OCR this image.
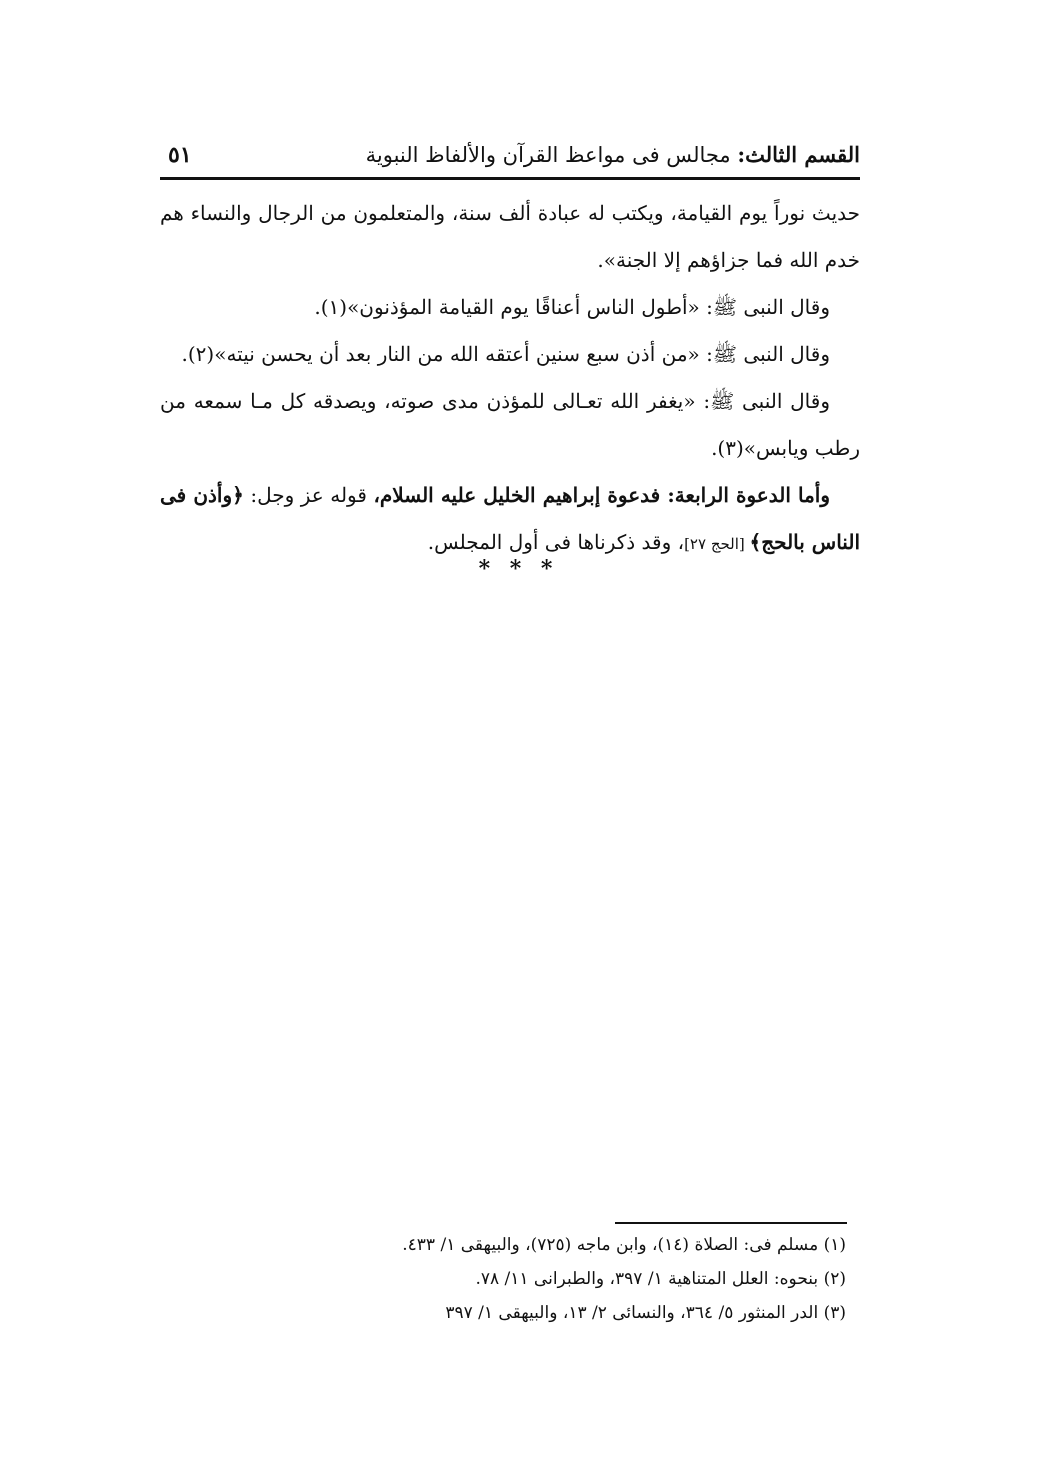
القسم الثالث: مجالس فى مواعظ القرآن والألفاظ النبوية
٥١

حديث نوراً يوم القيامة، ويكتب له عبادة ألف سنة، والمتعلمون من الرجال والنساء هم خدم الله فما جزاؤهم إلا الجنة».

وقال النبى ﷺ: «أطول الناس أعناقًا يوم القيامة المؤذنون»(١).

وقال النبى ﷺ: «من أذن سبع سنين أعتقه الله من النار بعد أن يحسن نيته»(٢).

وقال النبى ﷺ: «يغفر الله تعـالى للمؤذن مدى صوته، ويصدقه كل مـا سمعه من رطب ويابس»(٣).

وأما الدعوة الرابعة: فدعوة إبراهيم الخليل عليه السلام، قوله عز وجل: ﴿وأذن فى الناس بالحج﴾ [الحج ٢٧]، وقد ذكرناها فى أول المجلس.

* * *
(١) مسلم فى: الصلاة (١٤)، وابن ماجه (٧٢٥)، والبيهقى ١/ ٤٣٣.
(٢) بنحوه: العلل المتناهية ١/ ٣٩٧، والطبرانى ١١/ ٧٨.
(٣) الدر المنثور ٥/ ٣٦٤، والنسائى ٢/ ١٣، والبيهقى ١/ ٣٩٧
